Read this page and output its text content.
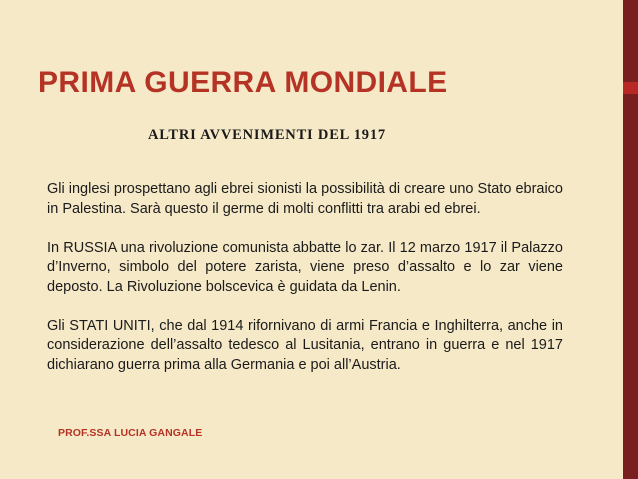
PRIMA GUERRA MONDIALE
ALTRI AVVENIMENTI DEL 1917

Gli inglesi prospettano agli ebrei sionisti la possibilità di creare uno Stato ebraico in Palestina. Sarà questo il germe di molti conflitti tra arabi ed ebrei.

In RUSSIA una rivoluzione comunista abbatte lo zar. Il 12 marzo 1917 il Palazzo d’Inverno, simbolo del potere zarista, viene preso d’assalto e lo zar viene deposto. La Rivoluzione bolscevica è guidata da Lenin.

Gli STATI UNITI, che dal 1914 rifornivano di armi Francia e Inghilterra, anche in considerazione dell’assalto tedesco al Lusitania, entrano in guerra e nel 1917 dichiarano guerra prima alla Germania e poi all’Austria.

PROF.SSA LUCIA GANGALE
